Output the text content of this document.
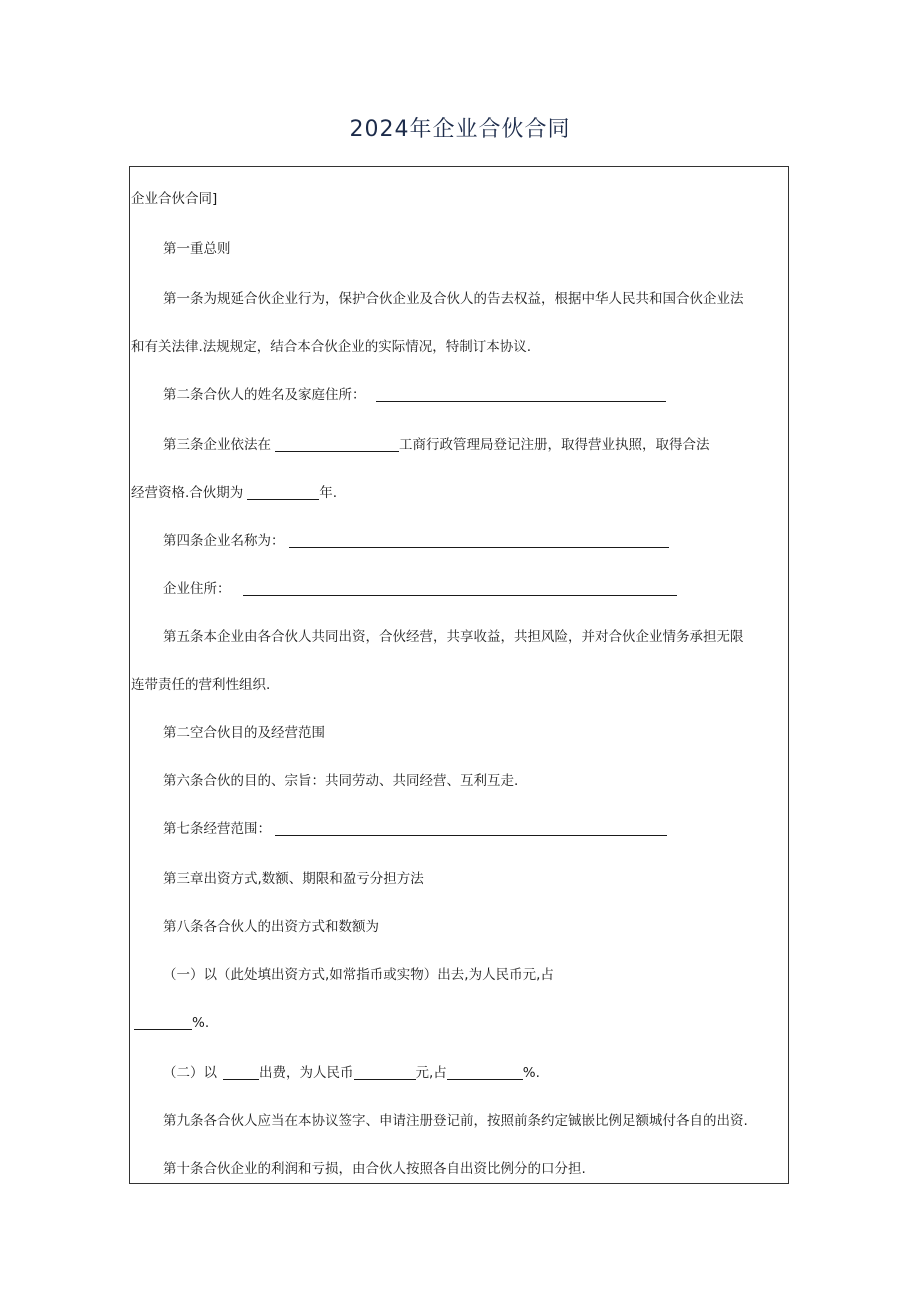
2024年企业合伙合同
企业合伙合同]
第一重总则
第一条为规延合伙企业行为，保护合伙企业及合伙人的告去权益，根据中华人民共和国合伙企业法
和有关法律.法规规定，结合本合伙企业的实际情况，特制订本协议.
第二条合伙人的姓名及家庭住所：
第三条企业依法在	工商行政管理局登记注册，取得营业执照，取得合法
经营资格.合伙期为	年.
第四条企业名称为：
企业住所：
第五条本企业由各合伙人共同出资，合伙经营，共享收益，共担风险，并对合伙企业情务承担无限
连带责任的营利性组织.
第二空合伙目的及经营范围
第六条合伙的目的、宗旨：共同劳动、共同经营、互利互走.
第七条经营范围：
第三章出资方式,数额、期限和盈亏分担方法
第八条各合伙人的出资方式和数额为
（一）以（此处填出资方式,如常指币或实物）出去,为人民币元,占
%.
（二）以	出费，为人民币	元,占	%.
第九条各合伙人应当在本协议签字、申请注册登记前，按照前条约定铖嵌比例足额城付各自的出资.
第十条合伙企业的利润和亏损，由合伙人按照各自出资比例分的口分担.
